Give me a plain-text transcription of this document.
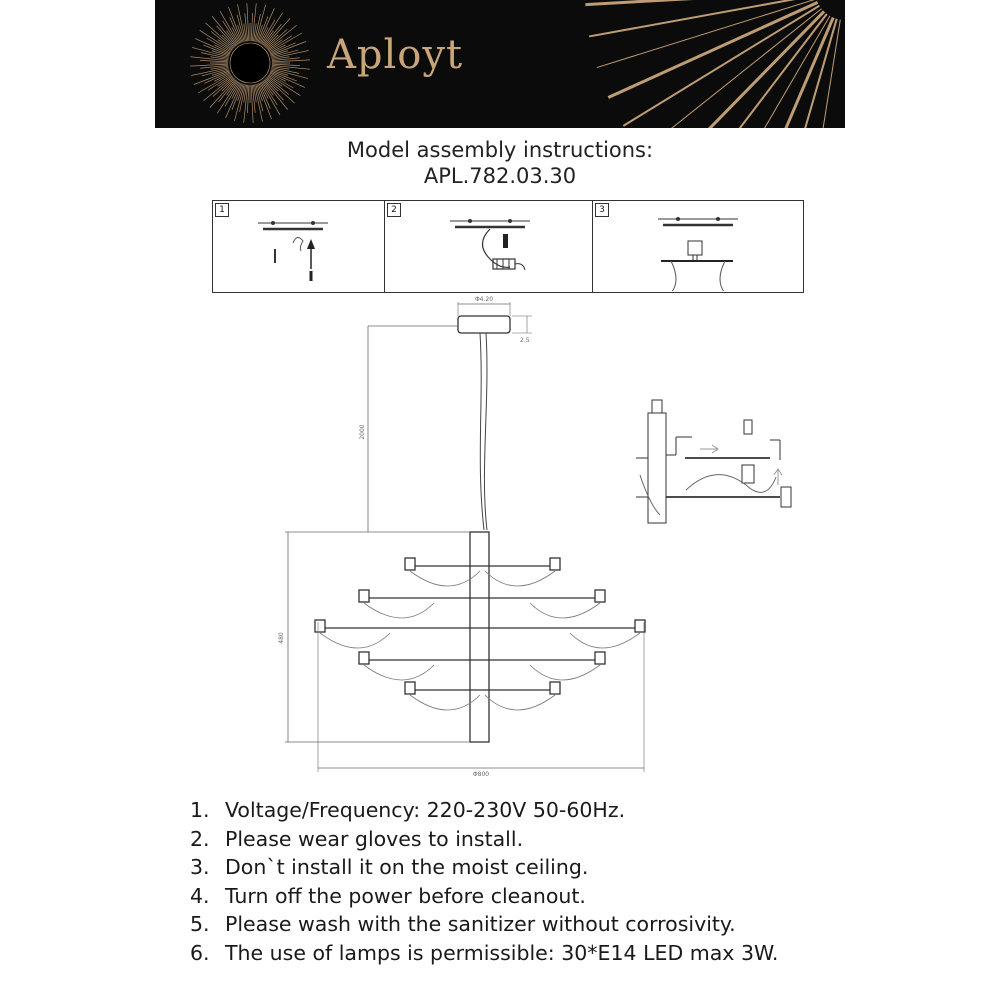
Aployt
Model assembly instructions:
APL.782.03.30
1	2	3
Φ4.20
2.5
2000
480
Φ800
1. Voltage/Frequency: 220-230V 50-60Hz.
2. Please wear gloves to install.
3. Don`t install it on the moist ceiling.
4. Turn off the power before cleanout.
5. Please wash with the sanitizer without corrosivity.
6. The use of lamps is permissible: 30*E14 LED max 3W.
